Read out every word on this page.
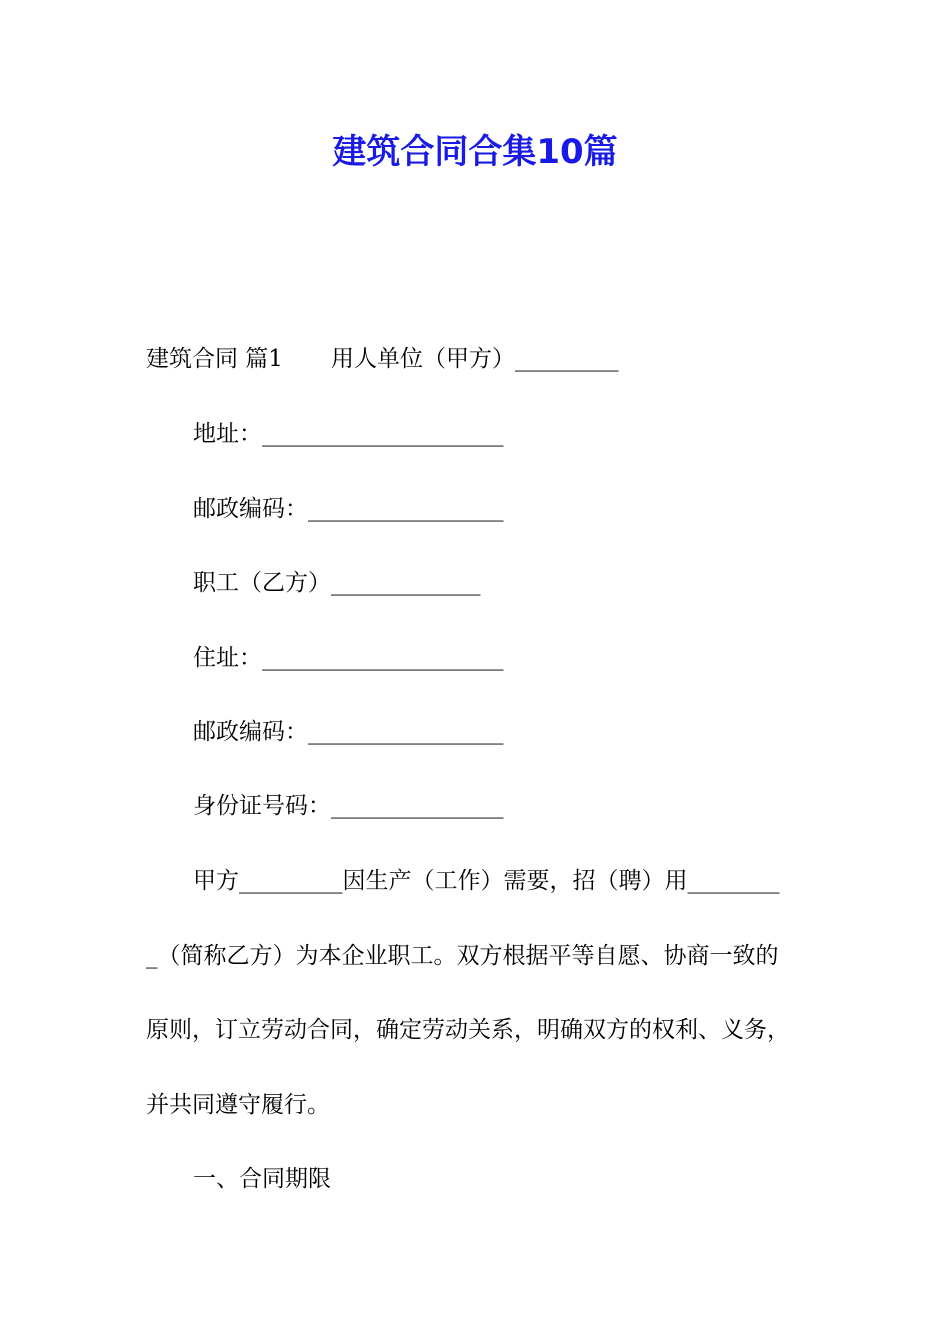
建筑合同合集10篇
建筑合同 篇1 用人单位（甲方）_________
地址：_____________________
邮政编码：_________________
职工（乙方）_____________
住址：_____________________
邮政编码：_________________
身份证号码：_______________
甲方_________因生产（工作）需要，招（聘）用________
_（简称乙方）为本企业职工。双方根据平等自愿、协商一致的
原则，订立劳动合同，确定劳动关系，明确双方的权利、义务，
并共同遵守履行。
一、合同期限
